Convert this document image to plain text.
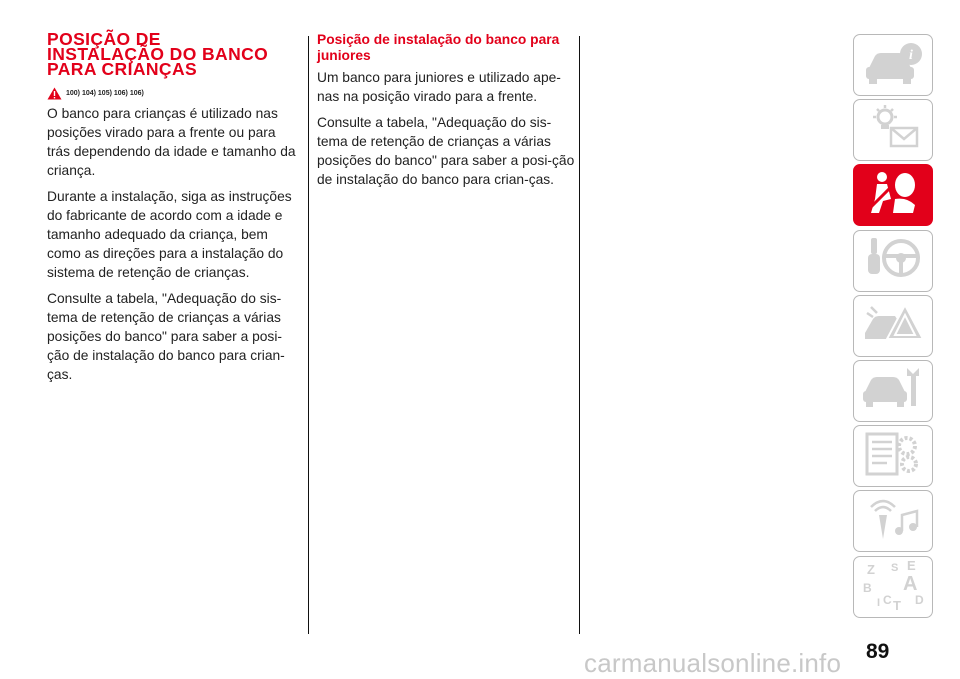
POSIÇÃO DE
INSTALAÇÃO DO BANCO
PARA CRIANÇAS
100) 104) 105) 106) 106)

O banco para crianças é utilizado nas posições virado para a frente ou para trás dependendo da idade e tamanho da criança.

Durante a instalação, siga as instruções do fabricante de acordo com a idade e tamanho adequado da criança, bem como as direções para a instalação do sistema de retenção de crianças.

Consulte a tabela, "Adequação do sis-tema de retenção de crianças a várias posições do banco" para saber a posi-ção de instalação do banco para crian-ças.

Posição de instalação do banco para juniores

Um banco para juniores e utilizado ape-nas na posição virado para a frente.

Consulte a tabela, "Adequação do sis-tema de retenção de crianças a várias posições do banco" para saber a posi-ção de instalação do banco para crian-ças.

i
Z S E
B A
I C T D
89
carmanualsonline.info
